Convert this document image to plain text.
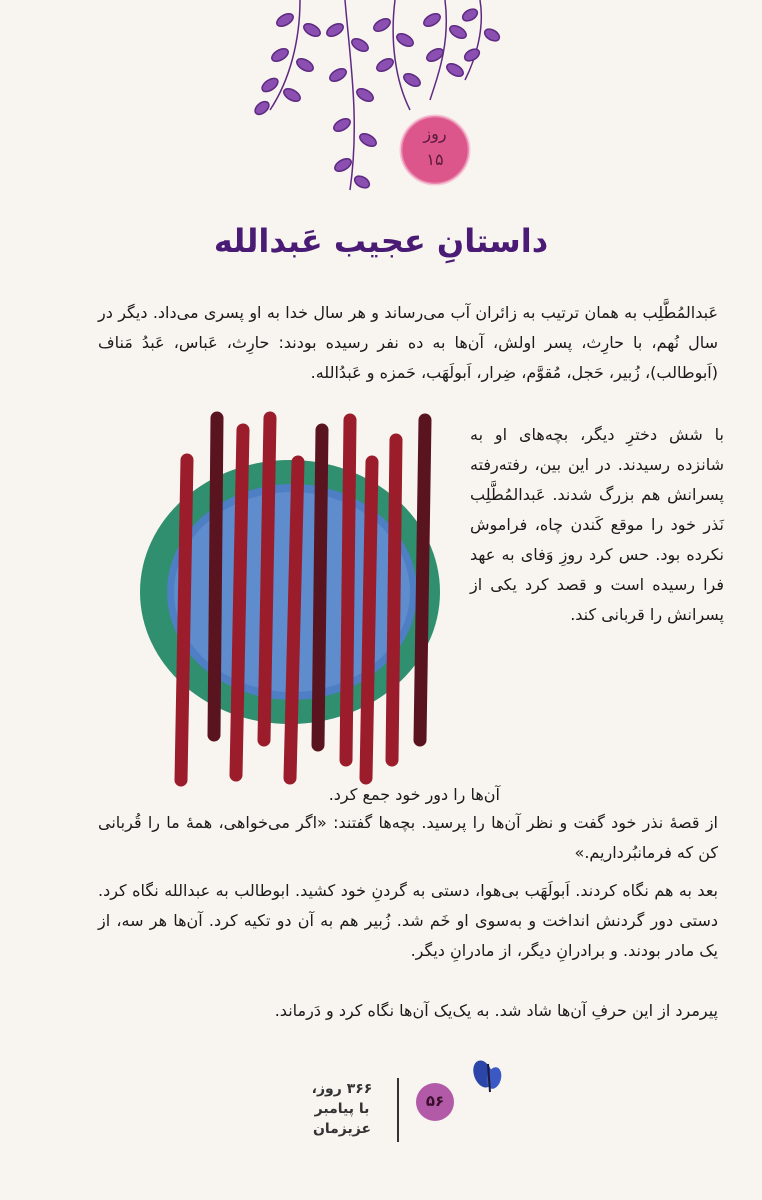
روز
۱۵
داستانِ عجیب عَبدالله
عَبدالمُطَّلِب به همان ترتیب به زائران آب می‌رساند و هر سال خدا به او پسری می‌داد. دیگر در سال نُهم، با حارِث، پسر اولش، آن‌ها به ده نفر رسیده بودند: حارِث، عَباس، عَبدُ مَناف (اَبوطالب)، زُبیر، حَجل، مُقوَّم، ضِرار، اَبولَهَب، حَمزه و عَبدُالله.
با شش دخترِ دیگر، بچه‌های او به شانزده رسیدند. در این بین، رفته‌رفته پسرانش هم بزرگ شدند. عَبدالمُطَّلِب نَذر خود را موقع کَندن چاه، فراموش نکرده بود. حس کرد روزِ وَفای به عهد فرا رسیده است و قصد کرد یکی از پسرانش را قربانی کند.
آن‌ها را دور خود جمع کرد.
از قصهٔ نذر خود گفت و نظر آن‌ها را پرسید. بچه‌ها گفتند: «اگر می‌خواهی، همهٔ ما را قُربانی کن که فرمانبُرداریم.»
بعد به هم نگاه کردند. اَبولَهَب بی‌هوا، دستی به گردنِ خود کشید. ابوطالب به عبدالله نگاه کرد. دستی دور گردنش انداخت و به‌سوی او خَم شد. زُبیر هم به آن دو تکیه کرد. آن‌ها هر سه، از یک مادر بودند. و برادرانِ دیگر، از مادرانِ دیگر.
پیرمرد از این حرفِ آن‌ها شاد شد. به یک‌یک آن‌ها نگاه کرد و دَرماند.
۵۶
۳۶۶ روز،
با پیامبر
عزیزمان
